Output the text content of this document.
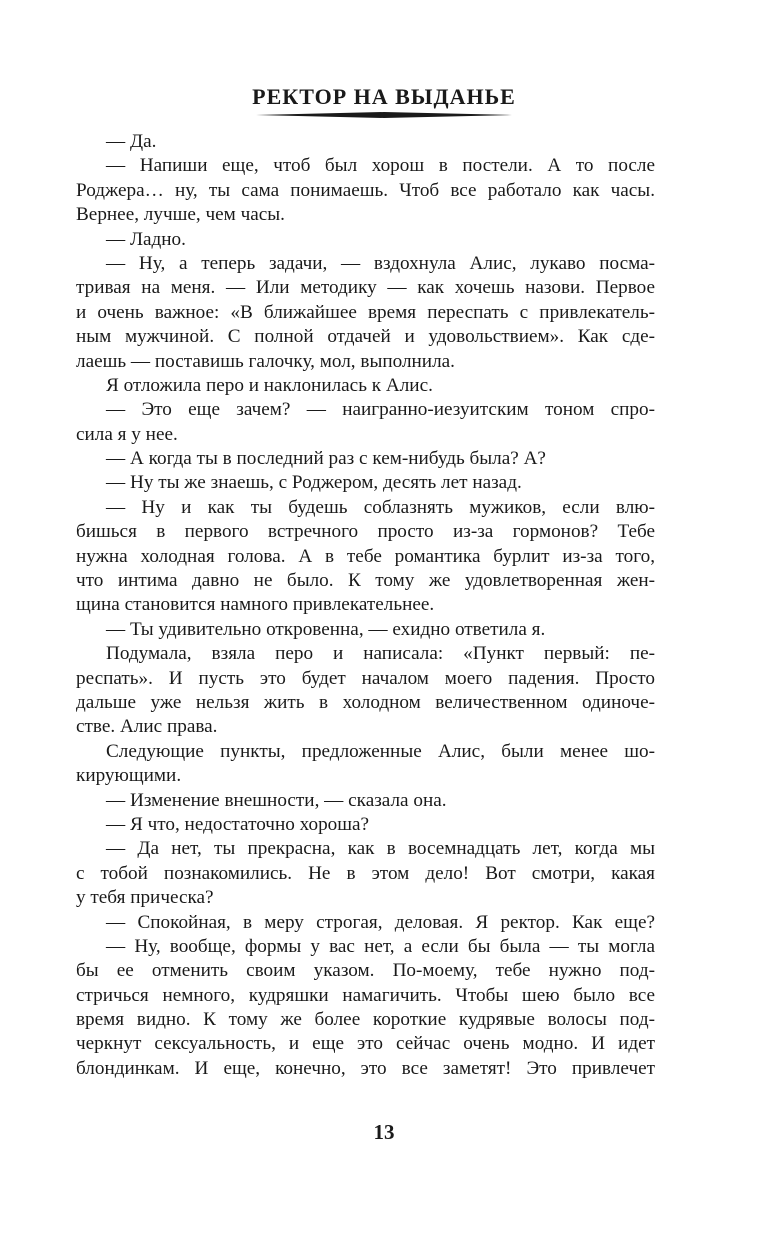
РЕКТОР НА ВЫДАНЬЕ
— Да.
— Напиши еще, чтоб был хорош в постели. А то после
Роджера… ну, ты сама понимаешь. Чтоб все работало как часы.
Вернее, лучше, чем часы.
— Ладно.
— Ну, а теперь задачи, — вздохнула Алис, лукаво посма-
тривая на меня. — Или методику — как хочешь назови. Первое
и очень важное: «В ближайшее время переспать с привлекатель-
ным мужчиной. С полной отдачей и удовольствием». Как сде-
лаешь — поставишь галочку, мол, выполнила.
Я отложила перо и наклонилась к Алис.
— Это еще зачем? — наигранно-иезуитским тоном спро-
сила я у нее.
— А когда ты в последний раз с кем-нибудь была? А?
— Ну ты же знаешь, с Роджером, десять лет назад.
— Ну и как ты будешь соблазнять мужиков, если влю-
бишься в первого встречного просто из-за гормонов? Тебе
нужна холодная голова. А в тебе романтика бурлит из-за того,
что интима давно не было. К тому же удовлетворенная жен-
щина становится намного привлекательнее.
— Ты удивительно откровенна, — ехидно ответила я.
Подумала, взяла перо и написала: «Пункт первый: пе-
респать». И пусть это будет началом моего падения. Просто
дальше уже нельзя жить в холодном величественном одиноче-
стве. Алис права.
Следующие пункты, предложенные Алис, были менее шо-
кирующими.
— Изменение внешности, — сказала она.
— Я что, недостаточно хороша?
— Да нет, ты прекрасна, как в восемнадцать лет, когда мы
с тобой познакомились. Не в этом дело! Вот смотри, какая
у тебя прическа?
— Спокойная, в меру строгая, деловая. Я ректор. Как еще?
— Ну, вообще, формы у вас нет, а если бы была — ты могла
бы ее отменить своим указом. По-моему, тебе нужно под-
стричься немного, кудряшки намагичить. Чтобы шею было все
время видно. К тому же более короткие кудрявые волосы под-
черкнут сексуальность, и еще это сейчас очень модно. И идет
блондинкам. И еще, конечно, это все заметят! Это привлечет
13
